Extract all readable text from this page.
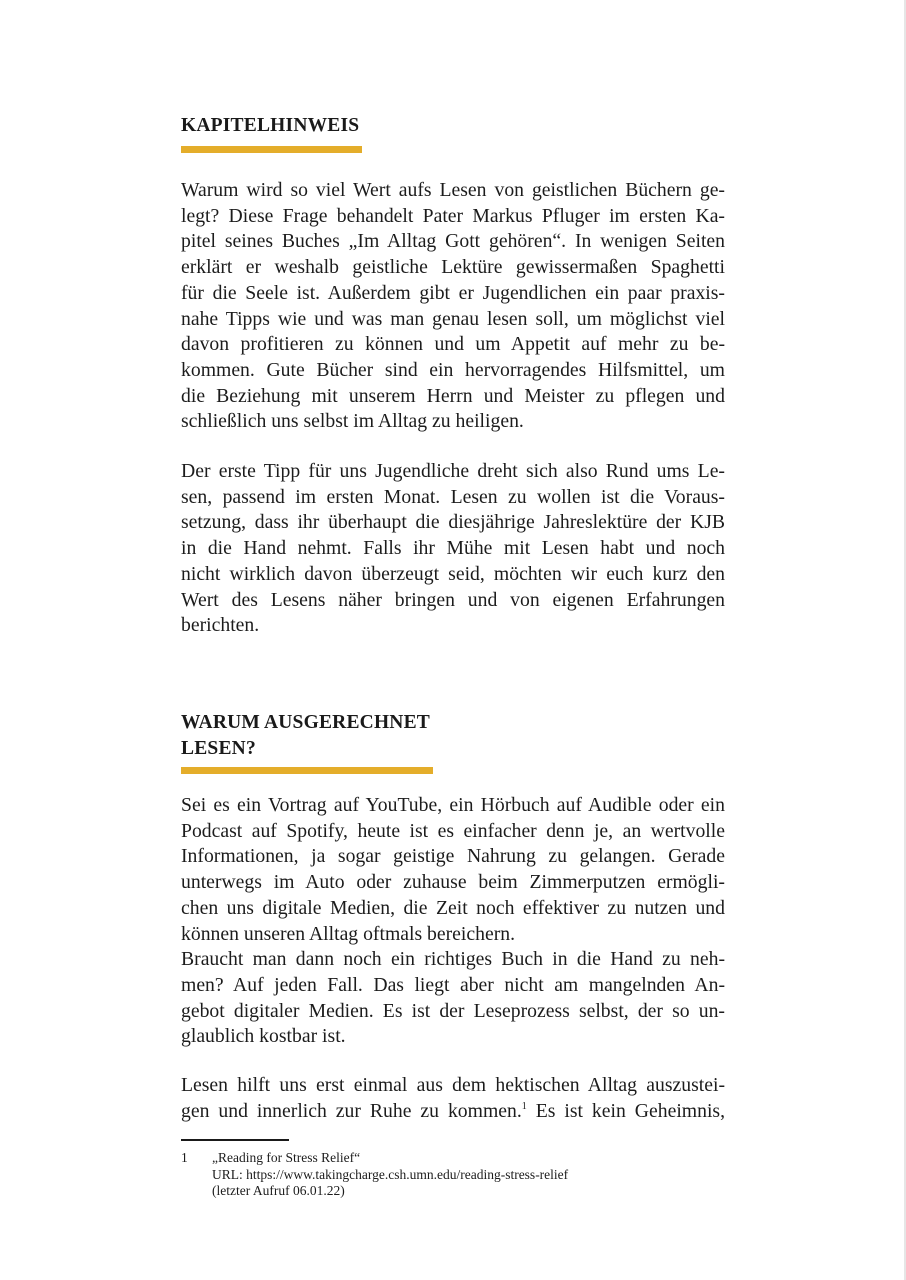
KAPITELHINWEIS
Warum wird so viel Wert aufs Lesen von geistlichen Büchern ge-
legt? Diese Frage behandelt Pater Markus Pfluger im ersten Ka-
pitel seines Buches „Im Alltag Gott gehören“. In wenigen Seiten
erklärt er weshalb geistliche Lektüre gewissermaßen Spaghetti
für die Seele ist. Außerdem gibt er Jugendlichen ein paar praxis-
nahe Tipps wie und was man genau lesen soll, um möglichst viel
davon profitieren zu können und um Appetit auf mehr zu be-
kommen. Gute Bücher sind ein hervorragendes Hilfsmittel, um
die Beziehung mit unserem Herrn und Meister zu pflegen und
schließlich uns selbst im Alltag zu heiligen.
Der erste Tipp für uns Jugendliche dreht sich also Rund ums Le-
sen, passend im ersten Monat. Lesen zu wollen ist die Voraus-
setzung, dass ihr überhaupt die diesjährige Jahreslektüre der KJB
in die Hand nehmt. Falls ihr Mühe mit Lesen habt und noch
nicht wirklich davon überzeugt seid, möchten wir euch kurz den
Wert des Lesens näher bringen und von eigenen Erfahrungen
berichten.
WARUM AUSGERECHNET
LESEN?
Sei es ein Vortrag auf YouTube, ein Hörbuch auf Audible oder ein
Podcast auf Spotify, heute ist es einfacher denn je, an wertvolle
Informationen, ja sogar geistige Nahrung zu gelangen. Gerade
unterwegs im Auto oder zuhause beim Zimmerputzen ermögli-
chen uns digitale Medien, die Zeit noch effektiver zu nutzen und
können unseren Alltag oftmals bereichern.
Braucht man dann noch ein richtiges Buch in die Hand zu neh-
men? Auf jeden Fall. Das liegt aber nicht am mangelnden An-
gebot digitaler Medien. Es ist der Leseprozess selbst, der so un-
glaublich kostbar ist.
Lesen hilft uns erst einmal aus dem hektischen Alltag auszustei-
gen und innerlich zur Ruhe zu kommen.$^1$ Es ist kein Geheimnis,
1 „Reading for Stress Relief“
URL: https://www.takingcharge.csh.umn.edu/reading-stress-relief
(letzter Aufruf 06.01.22)
